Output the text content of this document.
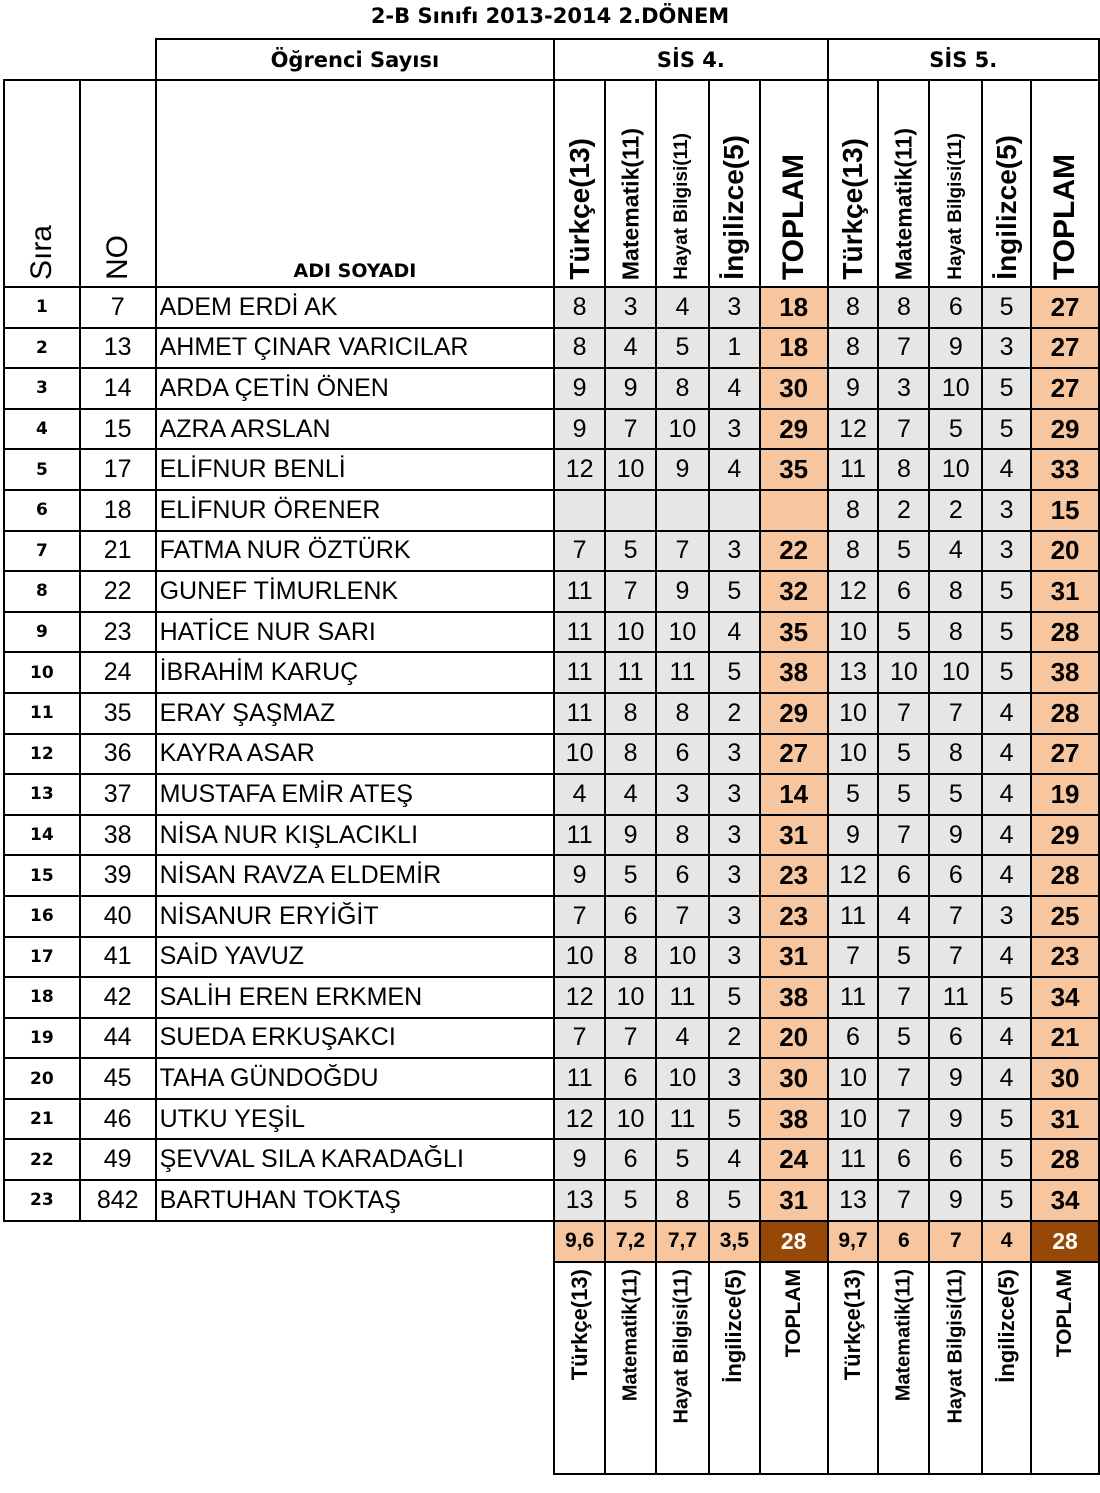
2-B Sınıfı 2013-2014 2.DÖNEM
		Öğrenci Sayısı	SİS 4.					SİS 5.				

Sıra	NO	ADI SOYADI	Türkçe(13)	Matematik(11)	Hayat Bilgisi(11)	İngilizce(5)	TOPLAM	Türkçe(13)	Matematik(11)	Hayat Bilgisi(11)	İngilizce(5)	TOPLAM

1	7	ADEM ERDİ AK	8	3	4	3	18	8	8	6	5	27
2	13	AHMET ÇINAR VARICILAR	8	4	5	1	18	8	7	9	3	27
3	14	ARDA ÇETİN ÖNEN	9	9	8	4	30	9	3	10	5	27
4	15	AZRA ARSLAN	9	7	10	3	29	12	7	5	5	29
5	17	ELİFNUR BENLİ	12	10	9	4	35	11	8	10	4	33
6	18	ELİFNUR ÖRENER						8	2	2	3	15
7	21	FATMA NUR ÖZTÜRK	7	5	7	3	22	8	5	4	3	20
8	22	GUNEF TİMURLENK	11	7	9	5	32	12	6	8	5	31
9	23	HATİCE NUR SARI	11	10	10	4	35	10	5	8	5	28
10	24	İBRAHİM KARUÇ	11	11	11	5	38	13	10	10	5	38
11	35	ERAY ŞAŞMAZ	11	8	8	2	29	10	7	7	4	28
12	36	KAYRA ASAR	10	8	6	3	27	10	5	8	4	27
13	37	MUSTAFA EMİR ATEŞ	4	4	3	3	14	5	5	5	4	19
14	38	NİSA NUR KIŞLACIKLI	11	9	8	3	31	9	7	9	4	29
15	39	NİSAN RAVZA ELDEMİR	9	5	6	3	23	12	6	6	4	28
16	40	NİSANUR ERYİĞİT	7	6	7	3	23	11	4	7	3	25
17	41	SAİD YAVUZ	10	8	10	3	31	7	5	7	4	23
18	42	SALİH EREN ERKMEN	12	10	11	5	38	11	7	11	5	34
19	44	SUEDA ERKUŞAKCI	7	7	4	2	20	6	5	6	4	21
20	45	TAHA GÜNDOĞDU	11	6	10	3	30	10	7	9	4	30
21	46	UTKU YEŞİL	12	10	11	5	38	10	7	9	5	31
22	49	ŞEVVAL SILA KARADAĞLI	9	6	5	4	24	11	6	6	5	28
23	842	BARTUHAN TOKTAŞ	13	5	8	5	31	13	7	9	5	34
			9,6	7,2	7,7	3,5	28	9,7	6	7	4	28

			Türkçe(13)	Matematik(11)	Hayat Bilgisi(11)	İngilizce(5)	TOPLAM	Türkçe(13)	Matematik(11)	Hayat Bilgisi(11)	İngilizce(5)	TOPLAM
